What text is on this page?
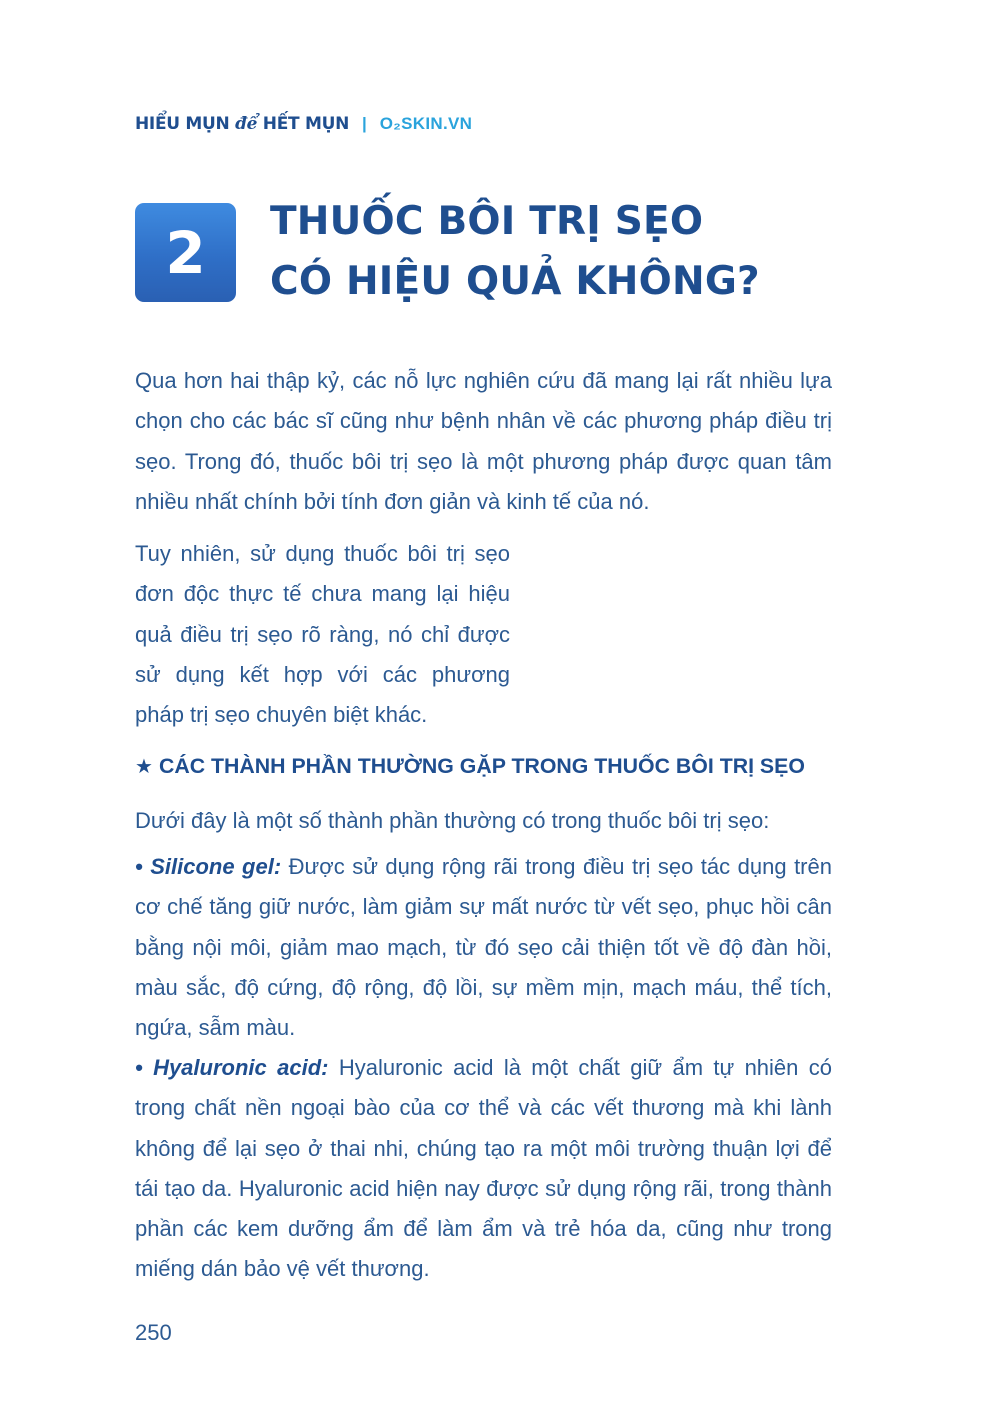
HIỂU MỤN để HẾT MỤN | O₂SKIN.VN
2 THUỐC BÔI TRỊ SẸO
CÓ HIỆU QUẢ KHÔNG?

Qua hơn hai thập kỷ, các nỗ lực nghiên cứu đã mang lại rất nhiều lựa chọn cho các bác sĩ cũng như bệnh nhân về các phương pháp điều trị sẹo. Trong đó, thuốc bôi trị sẹo là một phương pháp được quan tâm nhiều nhất chính bởi tính đơn giản và kinh tế của nó.

Tuy nhiên, sử dụng thuốc bôi trị sẹo đơn độc thực tế chưa mang lại hiệu quả điều trị sẹo rõ ràng, nó chỉ được sử dụng kết hợp với các phương pháp trị sẹo chuyên biệt khác.

★ CÁC THÀNH PHẦN THƯỜNG GẶP TRONG THUỐC BÔI TRỊ SẸO

Dưới đây là một số thành phần thường có trong thuốc bôi trị sẹo:

• Silicone gel: Được sử dụng rộng rãi trong điều trị sẹo tác dụng trên cơ chế tăng giữ nước, làm giảm sự mất nước từ vết sẹo, phục hồi cân bằng nội môi, giảm mao mạch, từ đó sẹo cải thiện tốt về độ đàn hồi, màu sắc, độ cứng, độ rộng, độ lồi, sự mềm mịn, mạch máu, thể tích, ngứa, sẫm màu.

• Hyaluronic acid: Hyaluronic acid là một chất giữ ẩm tự nhiên có trong chất nền ngoại bào của cơ thể và các vết thương mà khi lành không để lại sẹo ở thai nhi, chúng tạo ra một môi trường thuận lợi để tái tạo da. Hyaluronic acid hiện nay được sử dụng rộng rãi, trong thành phần các kem dưỡng ẩm để làm ẩm và trẻ hóa da, cũng như trong miếng dán bảo vệ vết thương.

250
